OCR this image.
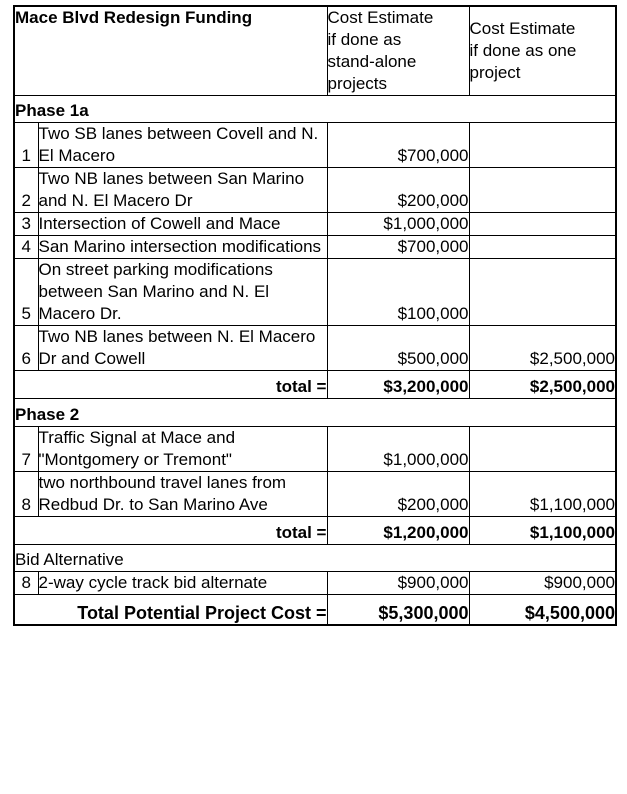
Mace Blvd Redesign Funding	Cost Estimate
if done as
stand-alone
projects

Cost Estimate
if done as one
project

Phase 1a			
1	Two SB lanes between Covell and N. El Macero	$700,000	
2	Two NB lanes between San Marino and N. El Macero Dr	$200,000	
3	Intersection of Cowell and Mace	$1,000,000	
4	San Marino intersection modifications	$700,000	
5	On street parking modifications between San Marino and N. El Macero Dr.	$100,000	
6	Two NB lanes between N. El Macero Dr and Cowell	$500,000	$2,500,000
total =		$3,200,000	$2,500,000
Phase 2			
7	Traffic Signal at Mace and "Montgomery or Tremont"	$1,000,000	
8	two northbound travel lanes from Redbud Dr. to San Marino Ave	$200,000	$1,100,000
total =		$1,200,000	$1,100,000
Bid Alternative			
8	2-way cycle track bid alternate	$900,000	$900,000
Total Potential Project Cost =		$5,300,000	$4,500,000
